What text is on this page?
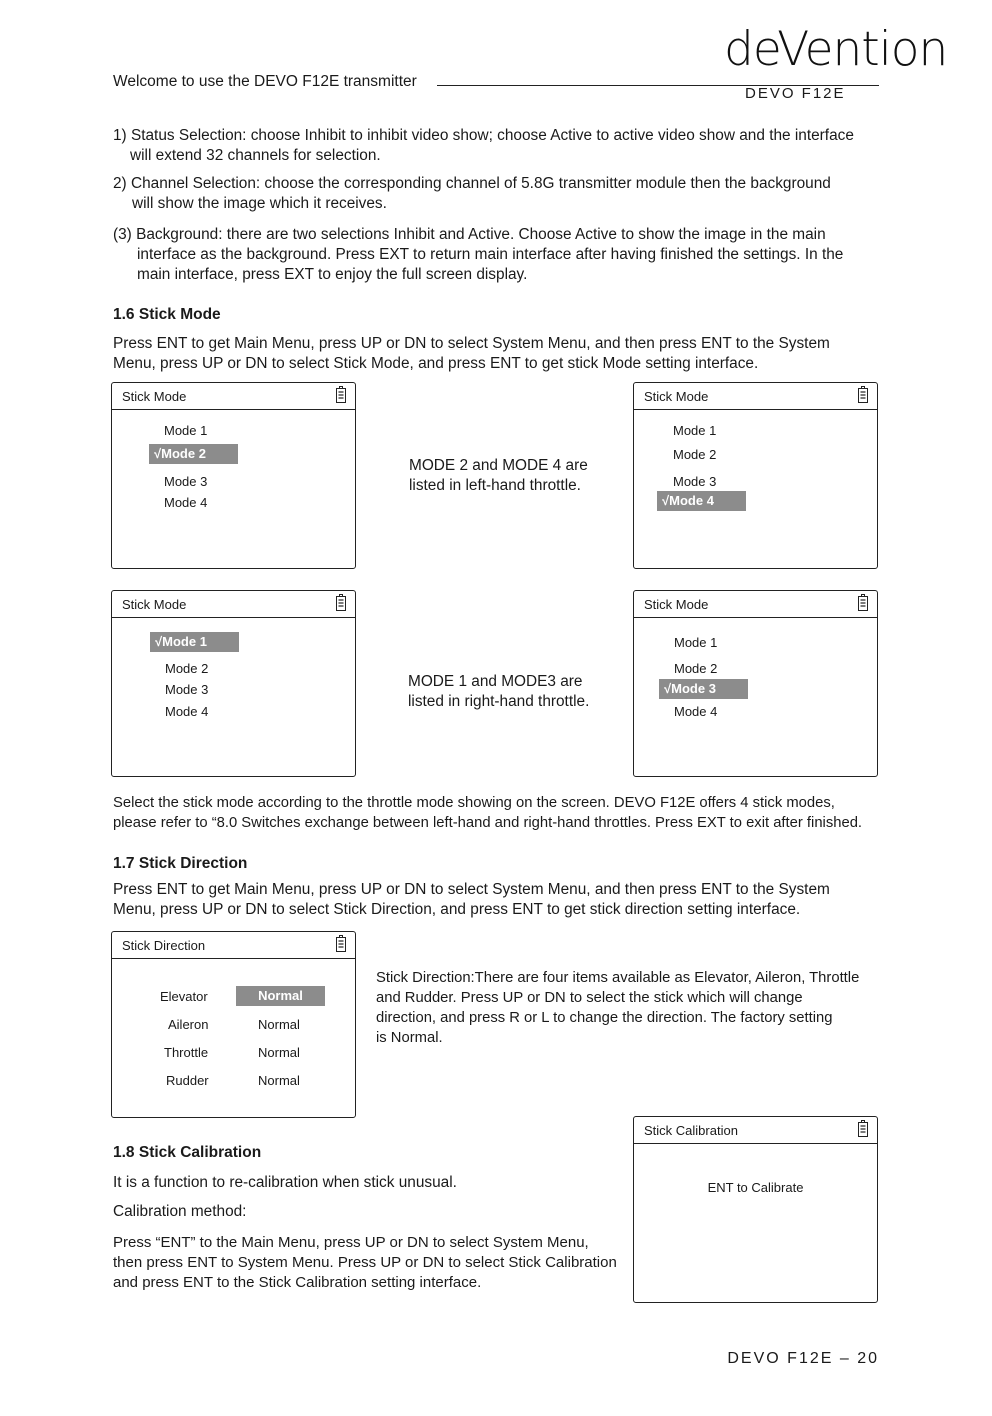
Welcome to use the DEVO F12E transmitter
deVention
DEVO F12E
1) Status Selection: choose Inhibit to inhibit video show; choose Active to active video show and the interface
will extend 32 channels for selection.
2) Channel Selection: choose the corresponding channel of 5.8G transmitter module then the background
will show the image which it receives.
(3) Background: there are two selections Inhibit and Active. Choose Active to show the image in the main
interface as the background. Press EXT to return main interface after having finished the settings. In the
main interface, press EXT to enjoy the full screen display.
1.6 Stick Mode
Press ENT to get Main Menu, press UP or DN to select System Menu, and then press ENT to the System
Menu, press UP or DN to select Stick Mode, and press ENT to get stick Mode setting interface.
Stick Mode
Mode 1
√Mode 2
Mode 3
Mode 4
MODE 2 and MODE 4 are
listed in left-hand throttle.
Stick Mode
Mode 1
Mode 2
Mode 3
√Mode 4
Stick Mode
√Mode 1
Mode 2
Mode 3
Mode 4
MODE 1 and MODE3 are
listed in right-hand throttle.
Stick Mode
Mode 1
Mode 2
√Mode 3
Mode 4
Select the stick mode according to the throttle mode showing on the screen. DEVO F12E offers 4 stick modes,
please refer to “8.0 Switches exchange between left-hand and right-hand throttles. Press EXT to exit after finished.
1.7 Stick Direction
Press ENT to get Main Menu, press UP or DN to select System Menu, and then press ENT to the System
Menu, press UP or DN to select Stick Direction, and press ENT to get stick direction setting interface.
Stick Direction
Elevator	Normal
Aileron	Normal
Throttle	Normal
Rudder	Normal
Stick Direction:There are four items available as Elevator, Aileron, Throttle
and Rudder. Press UP or DN to select the stick which will change
direction, and press R or L to change the direction. The factory setting
is Normal.
1.8 Stick Calibration
It is a function to re-calibration when stick unusual.
Calibration method:
Press “ENT” to the Main Menu, press UP or DN to select System Menu,
then press ENT to System Menu. Press UP or DN to select Stick Calibration
and press ENT to the Stick Calibration setting interface.
Stick Calibration
ENT to Calibrate
DEVO F12E – 20
